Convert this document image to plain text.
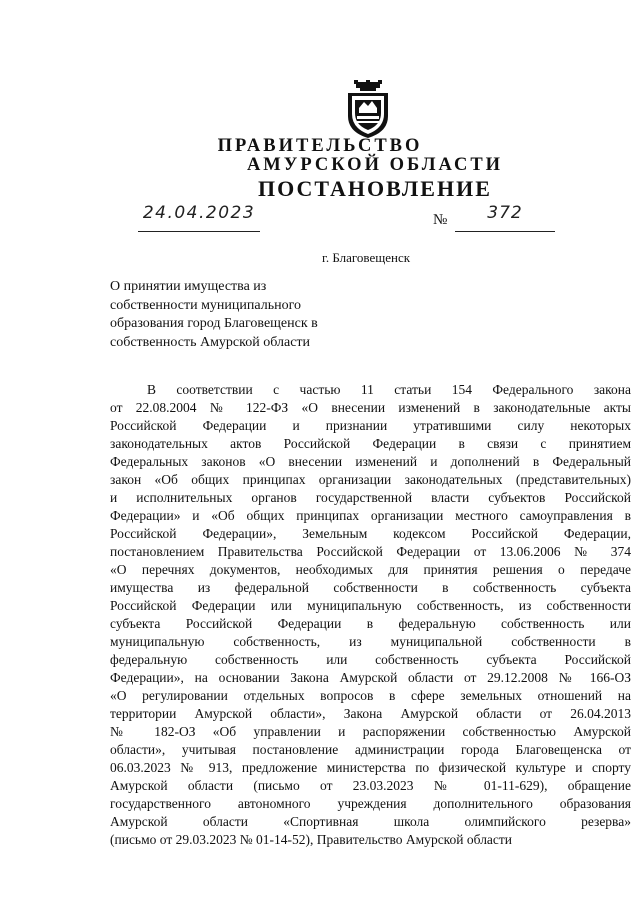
ПРАВИТЕЛЬСТВО
АМУРСКОЙ ОБЛАСТИ
ПОСТАНОВЛЕНИЕ
24.04.2023	№	372
г. Благовещенск
О принятии имущества из
собственности муниципального
образования город Благовещенск в
собственность Амурской области
В соответствии с частью 11 статьи 154 Федерального закона
от 22.08.2004 № 122-ФЗ «О внесении изменений в законодательные акты
Российской Федерации и признании утратившими силу некоторых
законодательных актов Российской Федерации в связи с принятием
Федеральных законов «О внесении изменений и дополнений в Федеральный
закон «Об общих принципах организации законодательных (представительных)
и исполнительных органов государственной власти субъектов Российской
Федерации» и «Об общих принципах организации местного самоуправления в
Российской Федерации», Земельным кодексом Российской Федерации,
постановлением Правительства Российской Федерации от 13.06.2006 № 374
«О перечнях документов, необходимых для принятия решения о передаче
имущества из федеральной собственности в собственность субъекта
Российской Федерации или муниципальную собственность, из собственности
субъекта Российской Федерации в федеральную собственность или
муниципальную собственность, из муниципальной собственности в
федеральную собственность или собственность субъекта Российской
Федерации», на основании Закона Амурской области от 29.12.2008 № 166-ОЗ
«О регулировании отдельных вопросов в сфере земельных отношений на
территории Амурской области», Закона Амурской области от 26.04.2013
№ 182-ОЗ «Об управлении и распоряжении собственностью Амурской
области», учитывая постановление администрации города Благовещенска от
06.03.2023 № 913, предложение министерства по физической культуре и спорту
Амурской области (письмо от 23.03.2023 № 01-11-629), обращение
государственного автономного учреждения дополнительного образования
Амурской области «Спортивная школа олимпийского резерва»
(письмо от 29.03.2023 № 01-14-52), Правительство Амурской области
